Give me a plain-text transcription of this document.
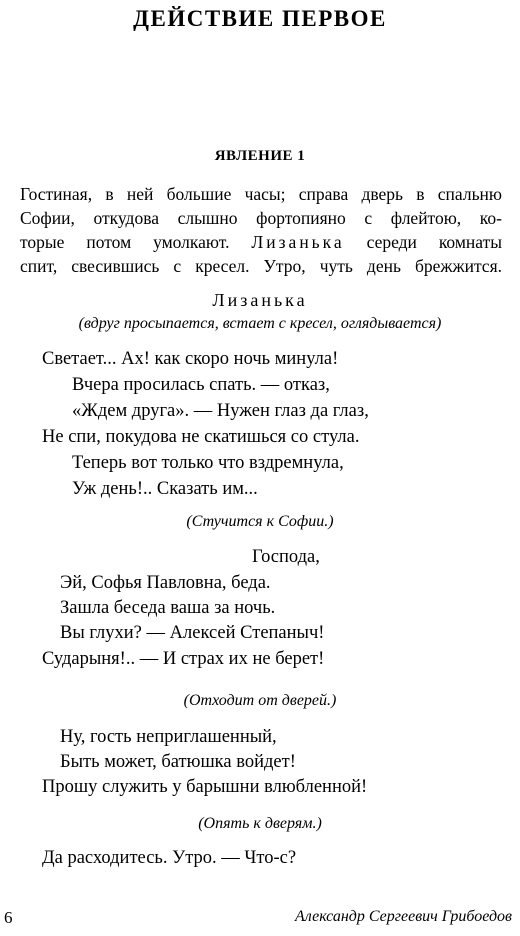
ДЕЙСТВИЕ ПЕРВОЕ
ЯВЛЕНИЕ 1
Гостиная, в ней большие часы; справа дверь в спальню
Софии, откудова слышно фортопияно с флейтою, ко-
торые потом умолкают. Лизанька середи комнаты
спит, свесившись с кресел. Утро, чуть день брежжится.
Лизанька
(вдруг просыпается, встает с кресел, оглядывается)
Светает... Ах! как скоро ночь минула!
Вчера просилась спать. — отказ,
«Ждем друга». — Нужен глаз да глаз,
Не спи, покудова не скатишься со стула.
Теперь вот только что вздремнула,
Уж день!.. Сказать им...
(Стучится к Софии.)
Господа,
Эй, Софья Павловна, беда.
Зашла беседа ваша за ночь.
Вы глухи? — Алексей Степаныч!
Сударыня!.. — И страх их не берет!
(Отходит от дверей.)
Ну, гость неприглашенный,
Быть может, батюшка войдет!
Прошу служить у барышни влюбленной!
(Опять к дверям.)
Да расходитесь. Утро. — Что-с?
6	Александр Сергеевич Грибоедов
